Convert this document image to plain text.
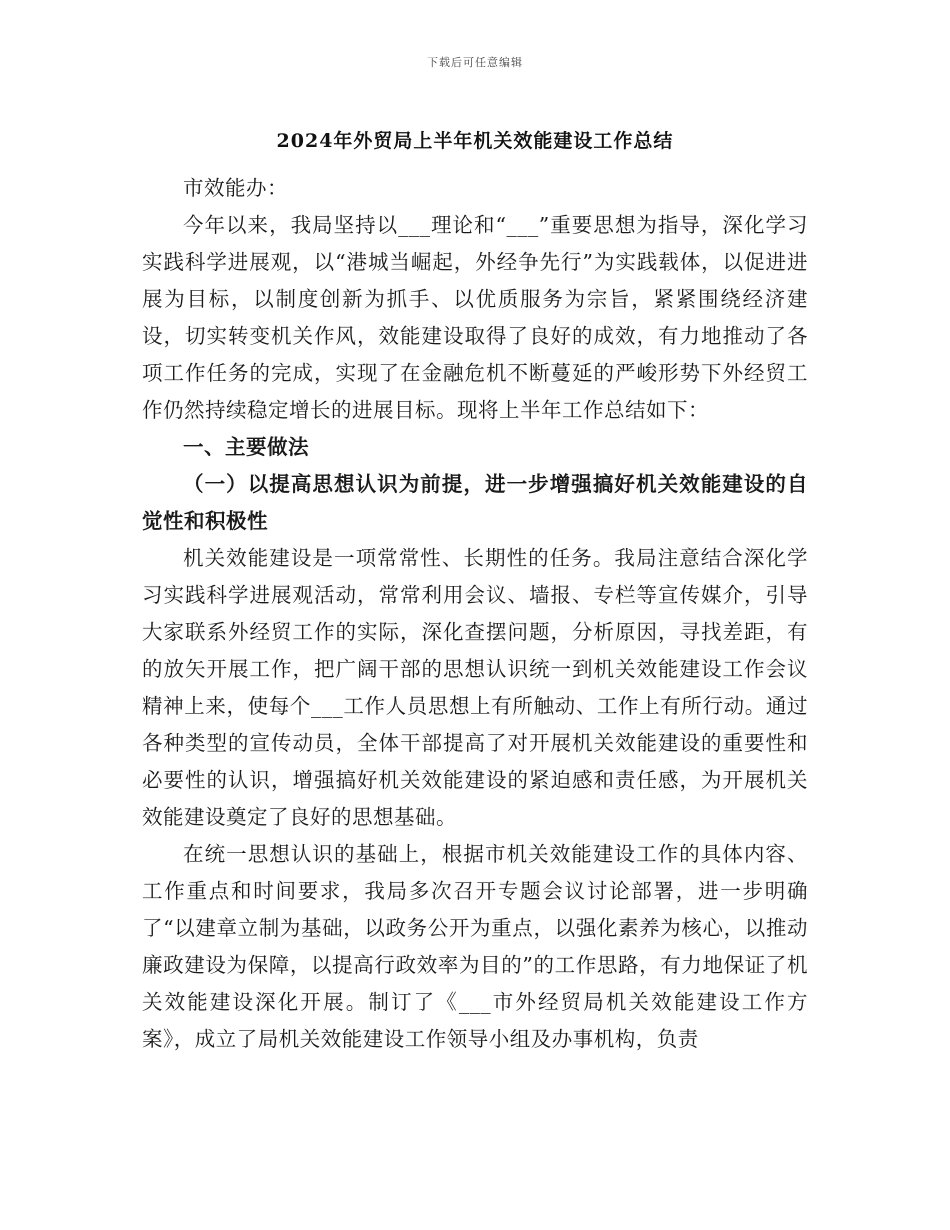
下载后可任意编辑
2024年外贸局上半年机关效能建设工作总结

市效能办：

今年以来，我局坚持以___理论和“___”重要思想为指导，深化学习实践科学进展观，以“港城当崛起，外经争先行”为实践载体，以促进进展为目标，以制度创新为抓手、以优质服务为宗旨，紧紧围绕经济建设，切实转变机关作风，效能建设取得了良好的成效，有力地推动了各项工作任务的完成，实现了在金融危机不断蔓延的严峻形势下外经贸工作仍然持续稳定增长的进展目标。现将上半年工作总结如下：

一、主要做法

（一）以提高思想认识为前提，进一步增强搞好机关效能建设的自觉性和积极性

机关效能建设是一项常常性、长期性的任务。我局注意结合深化学习实践科学进展观活动，常常利用会议、墙报、专栏等宣传媒介，引导大家联系外经贸工作的实际，深化查摆问题，分析原因，寻找差距，有的放矢开展工作，把广阔干部的思想认识统一到机关效能建设工作会议精神上来，使每个___工作人员思想上有所触动、工作上有所行动。通过各种类型的宣传动员，全体干部提高了对开展机关效能建设的重要性和必要性的认识，增强搞好机关效能建设的紧迫感和责任感，为开展机关效能建设奠定了良好的思想基础。

在统一思想认识的基础上，根据市机关效能建设工作的具体内容、工作重点和时间要求，我局多次召开专题会议讨论部署，进一步明确了“以建章立制为基础，以政务公开为重点，以强化素养为核心，以推动廉政建设为保障，以提高行政效率为目的”的工作思路，有力地保证了机关效能建设深化开展。制订了《___市外经贸局机关效能建设工作方案》，成立了局机关效能建设工作领导小组及办事机构，负责
